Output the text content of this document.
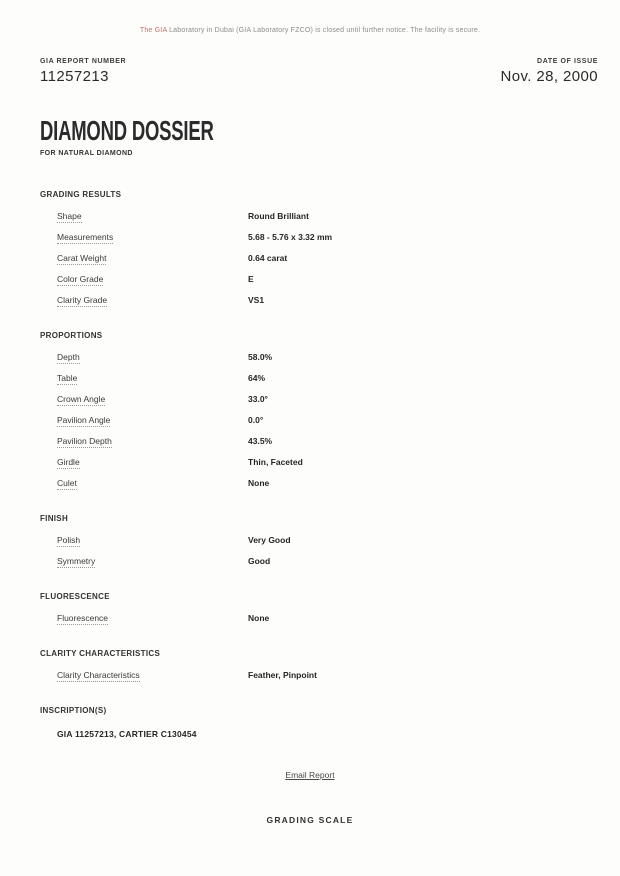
The GIA Laboratory in Dubai (GIA Laboratory FZCO) is closed until further notice. The facility is secure.
GIA REPORT NUMBER
11257213
DATE OF ISSUE
Nov. 28, 2000
DIAMOND DOSSIER
FOR NATURAL DIAMOND
GRADING RESULTS
Shape	Round Brilliant
Measurements	5.68 - 5.76 x 3.32 mm
Carat Weight	0.64 carat
Color Grade	E
Clarity Grade	VS1
PROPORTIONS
Depth	58.0%
Table	64%
Crown Angle	33.0°
Pavilion Angle	0.0°
Pavilion Depth	43.5%
Girdle	Thin, Faceted
Culet	None
FINISH
Polish	Very Good
Symmetry	Good
FLUORESCENCE
Fluorescence	None
CLARITY CHARACTERISTICS
Clarity Characteristics	Feather, Pinpoint
INSCRIPTION(S)
GIA 11257213, CARTIER C130454
Email Report
GRADING SCALE
